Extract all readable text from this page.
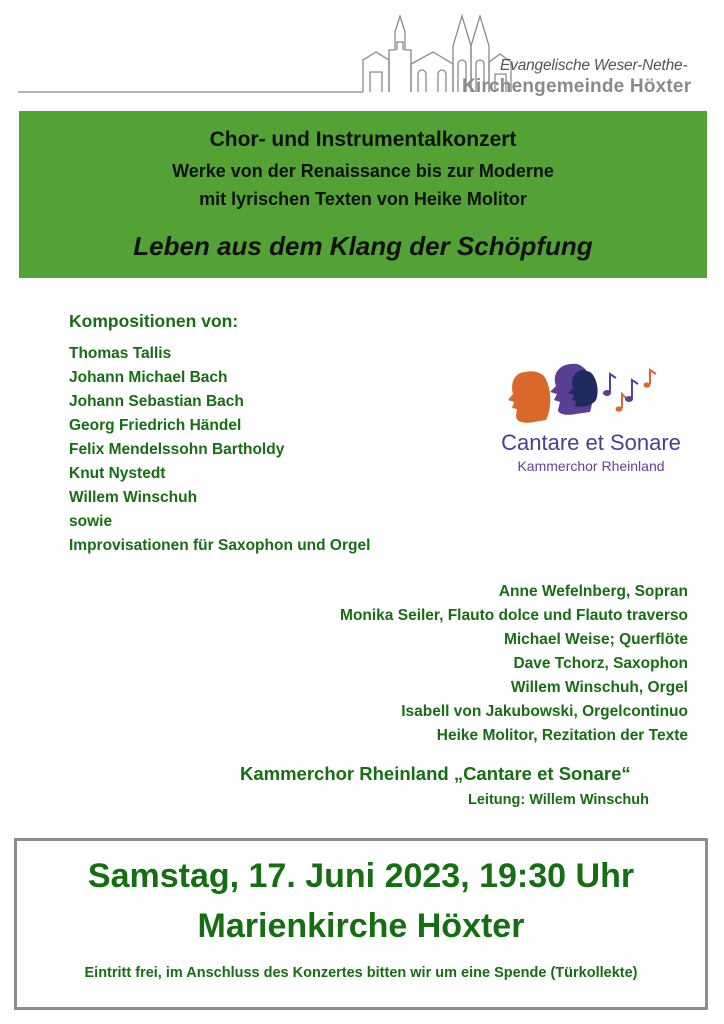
Evangelische Weser-Nethe-
Kirchengemeinde Höxter
Chor- und Instrumentalkonzert
Werke von der Renaissance bis zur Moderne
mit lyrischen Texten von Heike Molitor
Leben aus dem Klang der Schöpfung
Kompositionen von:
Thomas Tallis
Johann Michael Bach
Johann Sebastian Bach
Georg Friedrich Händel
Felix Mendelssohn Bartholdy
Knut Nystedt
Willem Winschuh
sowie
Improvisationen für Saxophon und Orgel
Cantare et Sonare
Kammerchor Rheinland
Anne Wefelnberg, Sopran
Monika Seiler, Flauto dolce und Flauto traverso
Michael Weise; Querflöte
Dave Tchorz, Saxophon
Willem Winschuh, Orgel
Isabell von Jakubowski, Orgelcontinuo
Heike Molitor, Rezitation der Texte
Kammerchor Rheinland „Cantare et Sonare“
Leitung: Willem Winschuh
Samstag, 17. Juni 2023, 19:30 Uhr
Marienkirche Höxter
Eintritt frei, im Anschluss des Konzertes bitten wir um eine Spende (Türkollekte)
